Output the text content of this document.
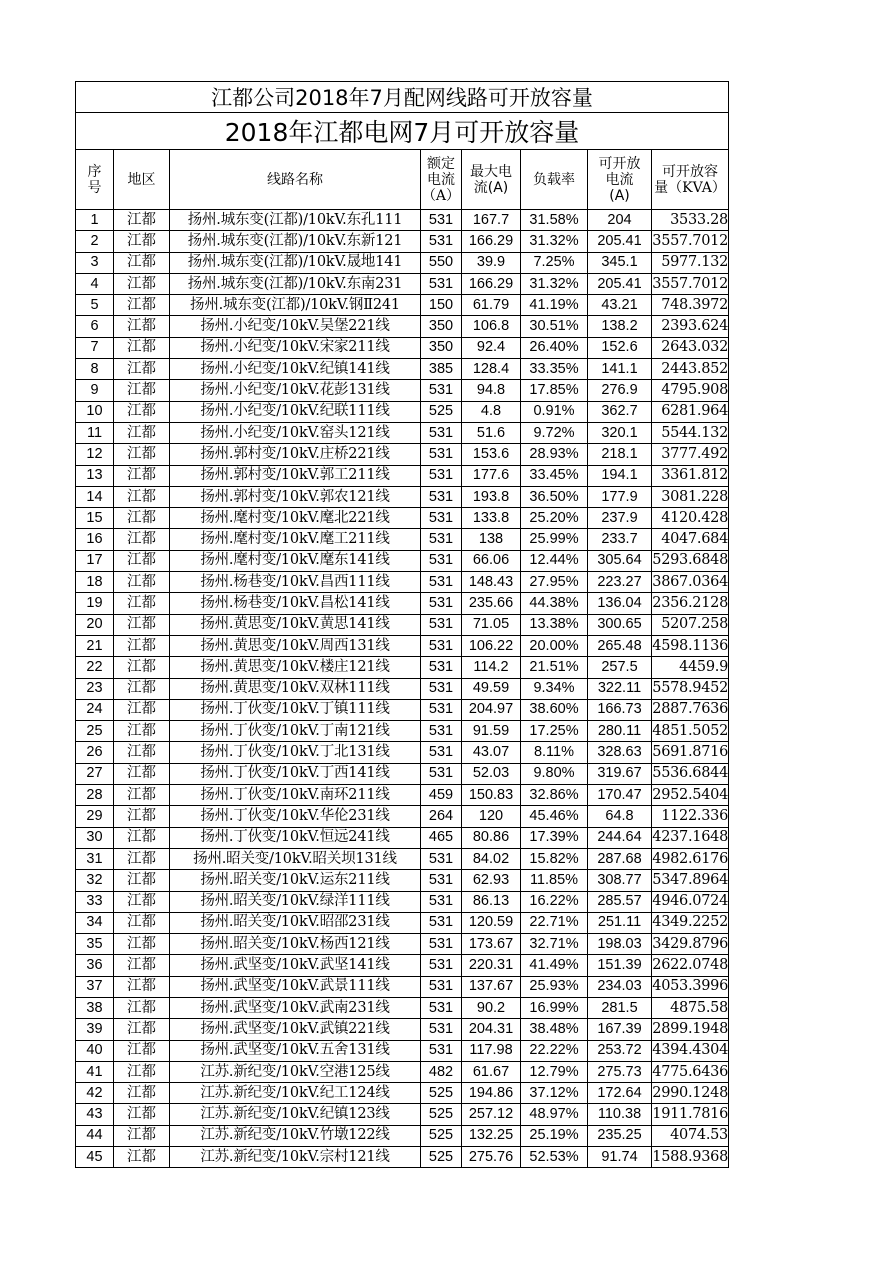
江都公司2018年7月配网线路可开放容量							
2018年江都电网7月可开放容量							
序
号	地区	线路名称	额定
电流
（A）	最大电
流(A)	负载率	可开放
电流
(A)	可开放容
量（KVA）
1	江都	扬州.城东变(江都)/10kV.东孔111	531	167.7	31.58%	204	3533.28
2	江都	扬州.城东变(江都)/10kV.东新121	531	166.29	31.32%	205.41	3557.7012
3	江都	扬州.城东变(江都)/10kV.晟地141	550	39.9	7.25%	345.1	5977.132
4	江都	扬州.城东变(江都)/10kV.东南231	531	166.29	31.32%	205.41	3557.7012
5	江都	扬州.城东变(江都)/10kV.钢Ⅱ241	150	61.79	41.19%	43.21	748.3972
6	江都	扬州.小纪变/10kV.吴堡221线	350	106.8	30.51%	138.2	2393.624
7	江都	扬州.小纪变/10kV.宋家211线	350	92.4	26.40%	152.6	2643.032
8	江都	扬州.小纪变/10kV.纪镇141线	385	128.4	33.35%	141.1	2443.852
9	江都	扬州.小纪变/10kV.花彭131线	531	94.8	17.85%	276.9	4795.908
10	江都	扬州.小纪变/10kV.纪联111线	525	4.8	0.91%	362.7	6281.964
11	江都	扬州.小纪变/10kV.窑头121线	531	51.6	9.72%	320.1	5544.132
12	江都	扬州.郭村变/10kV.庄桥221线	531	153.6	28.93%	218.1	3777.492
13	江都	扬州.郭村变/10kV.郭工211线	531	177.6	33.45%	194.1	3361.812
14	江都	扬州.郭村变/10kV.郭农121线	531	193.8	36.50%	177.9	3081.228
15	江都	扬州.麾村变/10kV.麾北221线	531	133.8	25.20%	237.9	4120.428
16	江都	扬州.麾村变/10kV.麾工211线	531	138	25.99%	233.7	4047.684
17	江都	扬州.麾村变/10kV.麾东141线	531	66.06	12.44%	305.64	5293.6848
18	江都	扬州.杨巷变/10kV.昌西111线	531	148.43	27.95%	223.27	3867.0364
19	江都	扬州.杨巷变/10kV.昌松141线	531	235.66	44.38%	136.04	2356.2128
20	江都	扬州.黄思变/10kV.黄思141线	531	71.05	13.38%	300.65	5207.258
21	江都	扬州.黄思变/10kV.周西131线	531	106.22	20.00%	265.48	4598.1136
22	江都	扬州.黄思变/10kV.楼庄121线	531	114.2	21.51%	257.5	4459.9
23	江都	扬州.黄思变/10kV.双林111线	531	49.59	9.34%	322.11	5578.9452
24	江都	扬州.丁伙变/10kV.丁镇111线	531	204.97	38.60%	166.73	2887.7636
25	江都	扬州.丁伙变/10kV.丁南121线	531	91.59	17.25%	280.11	4851.5052
26	江都	扬州.丁伙变/10kV.丁北131线	531	43.07	8.11%	328.63	5691.8716
27	江都	扬州.丁伙变/10kV.丁西141线	531	52.03	9.80%	319.67	5536.6844
28	江都	扬州.丁伙变/10kV.南环211线	459	150.83	32.86%	170.47	2952.5404
29	江都	扬州.丁伙变/10kV.华伦231线	264	120	45.46%	64.8	1122.336
30	江都	扬州.丁伙变/10kV.恒远241线	465	80.86	17.39%	244.64	4237.1648
31	江都	扬州.昭关变/10kV.昭关坝131线	531	84.02	15.82%	287.68	4982.6176
32	江都	扬州.昭关变/10kV.运东211线	531	62.93	11.85%	308.77	5347.8964
33	江都	扬州.昭关变/10kV.绿洋111线	531	86.13	16.22%	285.57	4946.0724
34	江都	扬州.昭关变/10kV.昭邵231线	531	120.59	22.71%	251.11	4349.2252
35	江都	扬州.昭关变/10kV.杨西121线	531	173.67	32.71%	198.03	3429.8796
36	江都	扬州.武坚变/10kV.武坚141线	531	220.31	41.49%	151.39	2622.0748
37	江都	扬州.武坚变/10kV.武景111线	531	137.67	25.93%	234.03	4053.3996
38	江都	扬州.武坚变/10kV.武南231线	531	90.2	16.99%	281.5	4875.58
39	江都	扬州.武坚变/10kV.武镇221线	531	204.31	38.48%	167.39	2899.1948
40	江都	扬州.武坚变/10kV.五舍131线	531	117.98	22.22%	253.72	4394.4304
41	江都	江苏.新纪变/10kV.空港125线	482	61.67	12.79%	275.73	4775.6436
42	江都	江苏.新纪变/10kV.纪工124线	525	194.86	37.12%	172.64	2990.1248
43	江都	江苏.新纪变/10kV.纪镇123线	525	257.12	48.97%	110.38	1911.7816
44	江都	江苏.新纪变/10kV.竹墩122线	525	132.25	25.19%	235.25	4074.53
45	江都	江苏.新纪变/10kV.宗村121线	525	275.76	52.53%	91.74	1588.9368
